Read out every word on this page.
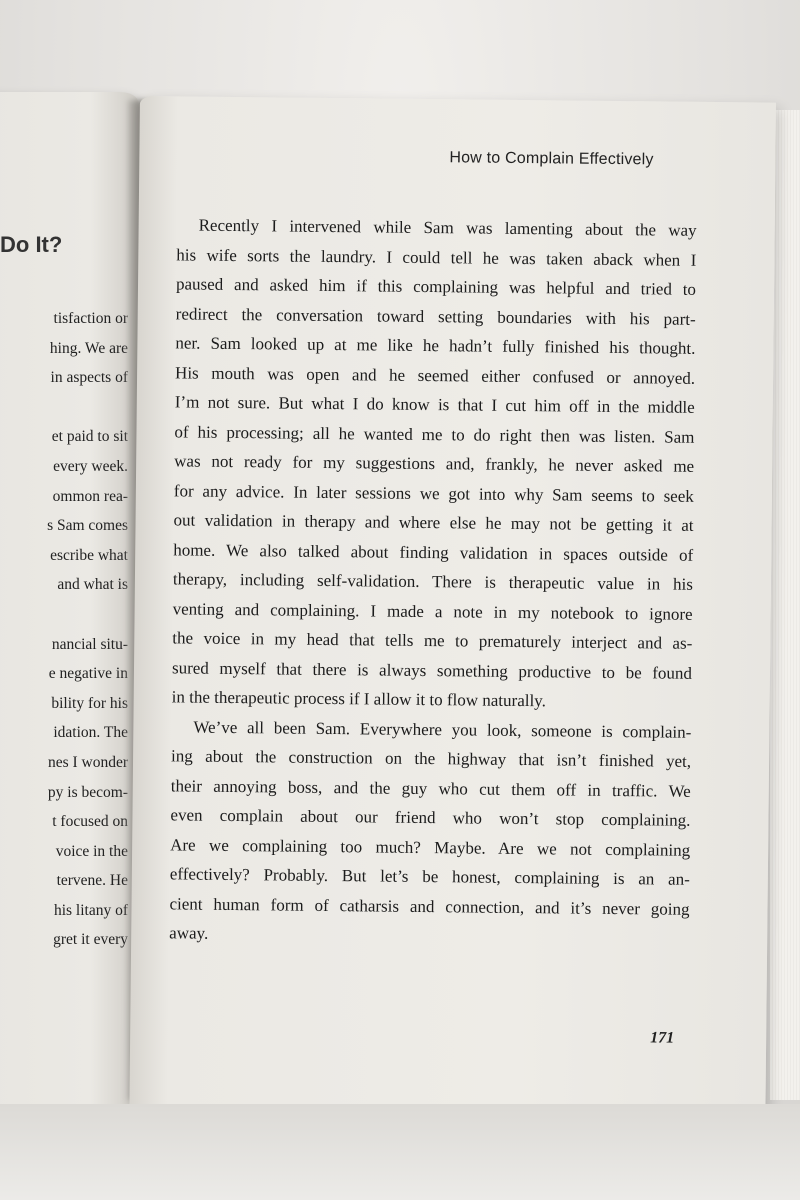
Do It?
tisfaction or
hing. We are
in aspects of
et paid to sit
every week.
ommon rea-
s Sam comes
escribe what
and what is
nancial situ-
e negative in
bility for his
idation. The
nes I wonder
py is becom-
t focused on
voice in the
tervene. He
his litany of
gret it every
How to Complain Effectively
Recently I intervened while Sam was lamenting about the way
his wife sorts the laundry. I could tell he was taken aback when I
paused and asked him if this complaining was helpful and tried to
redirect the conversation toward setting boundaries with his part-
ner. Sam looked up at me like he hadn’t fully finished his thought.
His mouth was open and he seemed either confused or annoyed.
I’m not sure. But what I do know is that I cut him off in the middle
of his processing; all he wanted me to do right then was listen. Sam
was not ready for my suggestions and, frankly, he never asked me
for any advice. In later sessions we got into why Sam seems to seek
out validation in therapy and where else he may not be getting it at
home. We also talked about finding validation in spaces outside of
therapy, including self-validation. There is therapeutic value in his
venting and complaining. I made a note in my notebook to ignore
the voice in my head that tells me to prematurely interject and as-
sured myself that there is always something productive to be found
in the therapeutic process if I allow it to flow naturally.
We’ve all been Sam. Everywhere you look, someone is complain-
ing about the construction on the highway that isn’t finished yet,
their annoying boss, and the guy who cut them off in traffic. We
even complain about our friend who won’t stop complaining.
Are we complaining too much? Maybe. Are we not complaining
effectively? Probably. But let’s be honest, complaining is an an-
cient human form of catharsis and connection, and it’s never going
away.
171
